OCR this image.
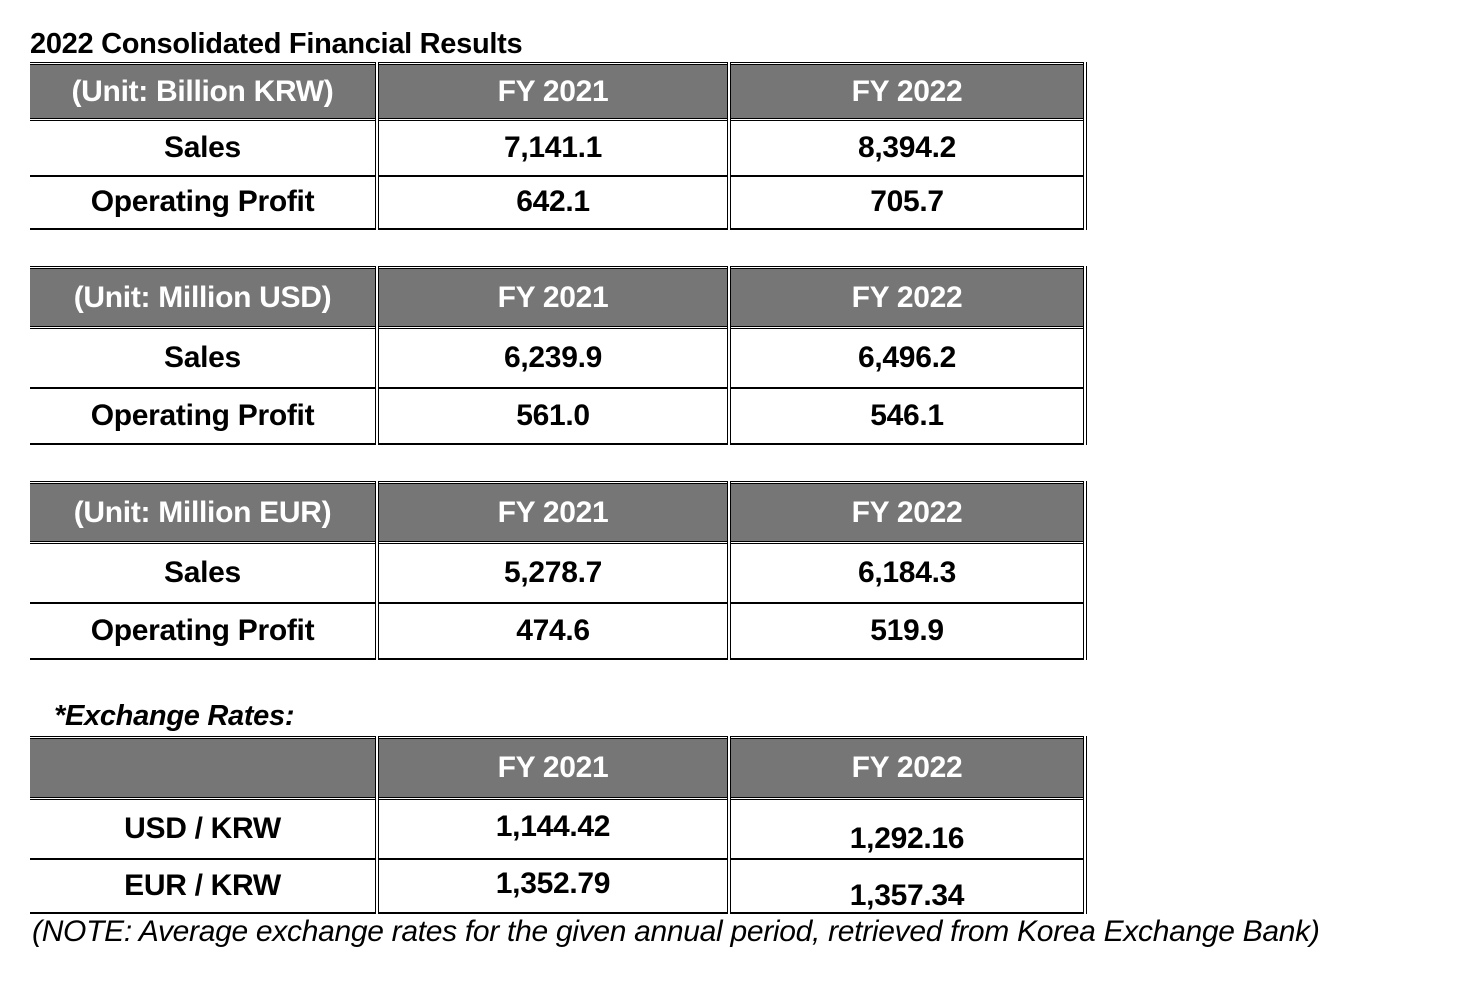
2022 Consolidated Financial Results
(Unit: Billion KRW)	FY 2021	FY 2022
Sales	7,141.1	8,394.2
Operating Profit	642.1	705.7
(Unit: Million USD)	FY 2021	FY 2022
Sales	6,239.9	6,496.2
Operating Profit	561.0	546.1
(Unit: Million EUR)	FY 2021	FY 2022
Sales	5,278.7	6,184.3
Operating Profit	474.6	519.9
*Exchange Rates:
	FY 2021	FY 2022
USD / KRW	1,144.42	1,292.16
EUR / KRW	1,352.79	1,357.34
(NOTE: Average exchange rates for the given annual period, retrieved from Korea Exchange Bank)
